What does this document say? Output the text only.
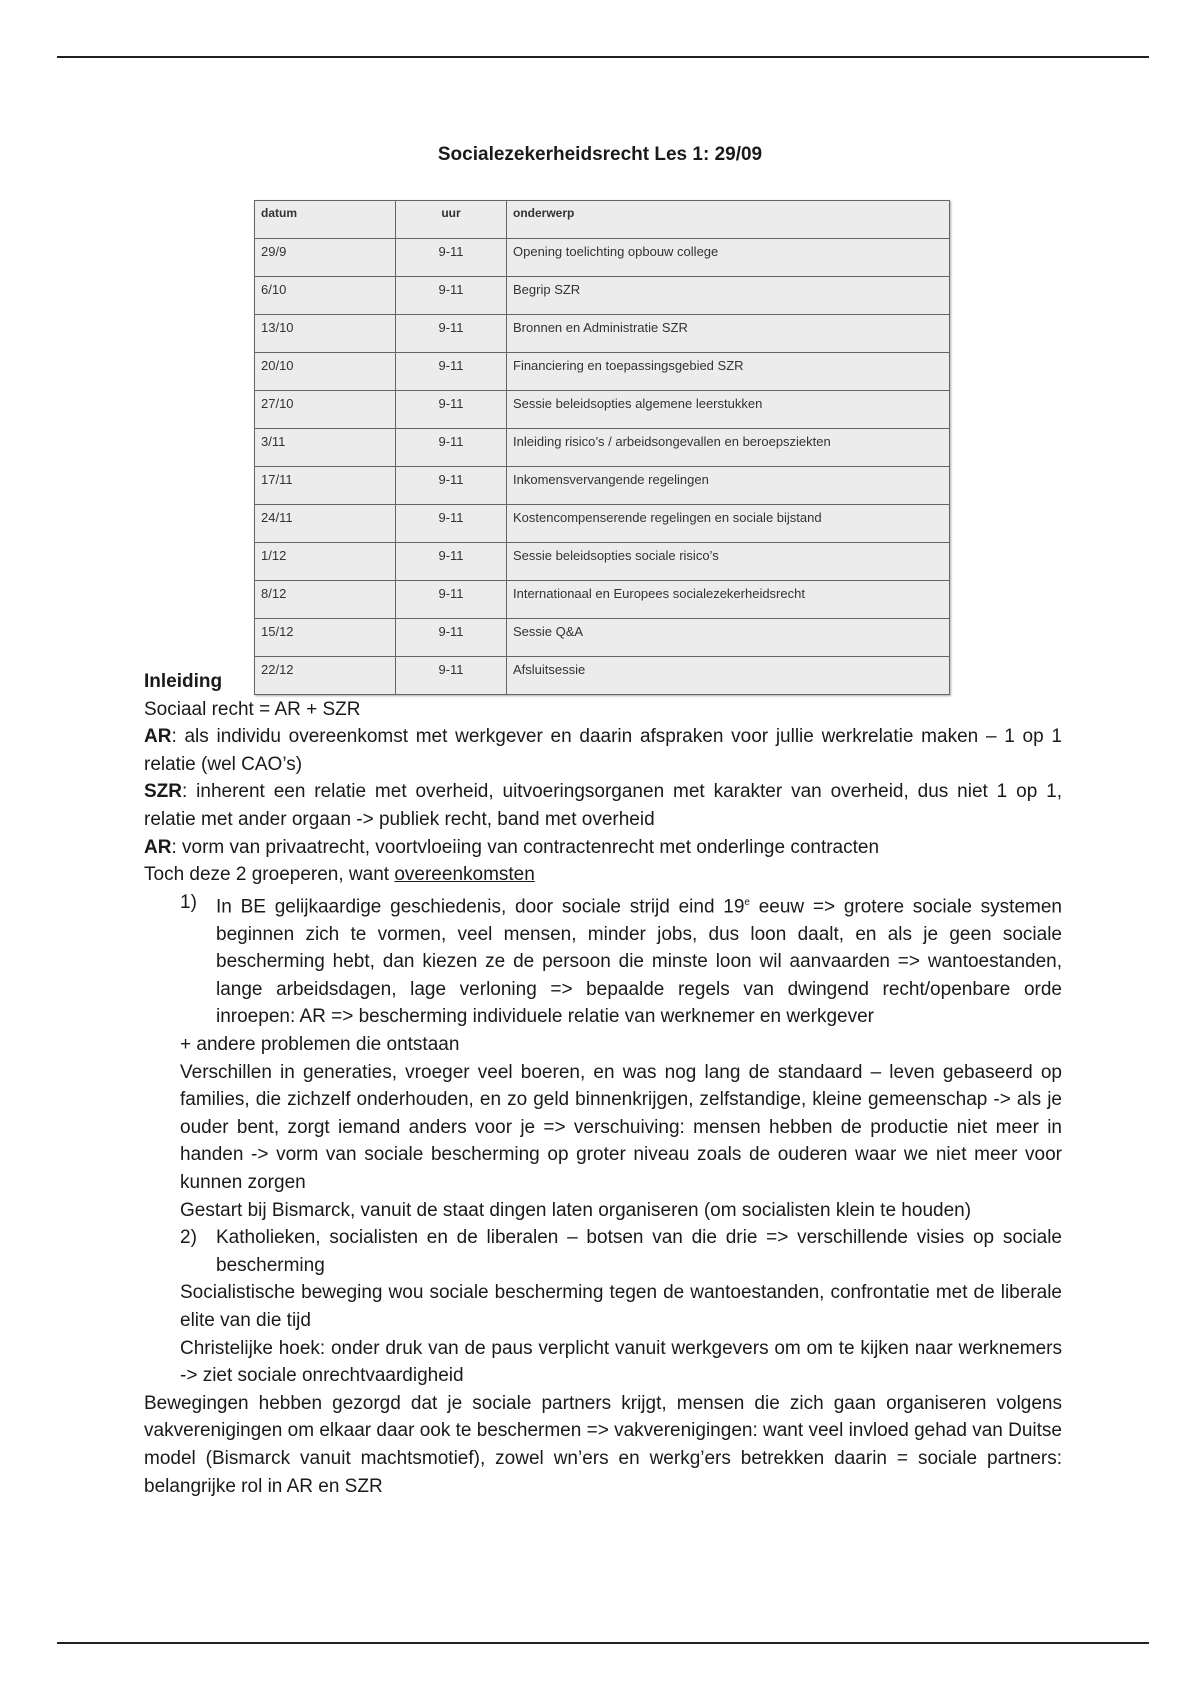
Socialezekerheidsrecht Les 1: 29/09
datum	uur	onderwerp
29/9	9-11	Opening toelichting opbouw college
6/10	9-11	Begrip SZR
13/10	9-11	Bronnen en Administratie SZR
20/10	9-11	Financiering en toepassingsgebied SZR
27/10	9-11	Sessie beleidsopties algemene leerstukken
3/11	9-11	Inleiding risico’s / arbeidsongevallen en beroepsziekten
17/11	9-11	Inkomensvervangende regelingen
24/11	9-11	Kostencompenserende regelingen en sociale bijstand
1/12	9-11	Sessie beleidsopties sociale risico’s
8/12	9-11	Internationaal en Europees socialezekerheidsrecht
15/12	9-11	Sessie Q&A
22/12	9-11	Afsluitsessie

Inleiding

Sociaal recht = AR + SZR

AR: als individu overeenkomst met werkgever en daarin afspraken voor jullie werkrelatie maken – 1 op 1 relatie (wel CAO’s)

SZR: inherent een relatie met overheid, uitvoeringsorganen met karakter van overheid, dus niet 1 op 1, relatie met ander orgaan -> publiek recht, band met overheid

AR: vorm van privaatrecht, voortvloeiing van contractenrecht met onderlinge contracten

Toch deze 2 groeperen, want overeenkomsten

1)	In BE gelijkaardige geschiedenis, door sociale strijd eind 19e eeuw => grotere sociale systemen beginnen zich te vormen, veel mensen, minder jobs, dus loon daalt, en als je geen sociale bescherming hebt, dan kiezen ze de persoon die minste loon wil aanvaarden => wantoestanden, lange arbeidsdagen, lage verloning => bepaalde regels van dwingend recht/openbare orde inroepen: AR => bescherming individuele relatie van werknemer en werkgever

+ andere problemen die ontstaan

Verschillen in generaties, vroeger veel boeren, en was nog lang de standaard – leven gebaseerd op families, die zichzelf onderhouden, en zo geld binnenkrijgen, zelfstandige, kleine gemeenschap -> als je ouder bent, zorgt iemand anders voor je => verschuiving: mensen hebben de productie niet meer in handen -> vorm van sociale bescherming op groter niveau zoals de ouderen waar we niet meer voor kunnen zorgen

Gestart bij Bismarck, vanuit de staat dingen laten organiseren (om socialisten klein te houden)

2)	Katholieken, socialisten en de liberalen – botsen van die drie => verschillende visies op sociale bescherming

Socialistische beweging wou sociale bescherming tegen de wantoestanden, confrontatie met de liberale elite van die tijd

Christelijke hoek: onder druk van de paus verplicht vanuit werkgevers om om te kijken naar werknemers -> ziet sociale onrechtvaardigheid

Bewegingen hebben gezorgd dat je sociale partners krijgt, mensen die zich gaan organiseren volgens vakverenigingen om elkaar daar ook te beschermen => vakverenigingen: want veel invloed gehad van Duitse model (Bismarck vanuit machtsmotief), zowel wn’ers en werkg’ers betrekken daarin = sociale partners: belangrijke rol in AR en SZR
